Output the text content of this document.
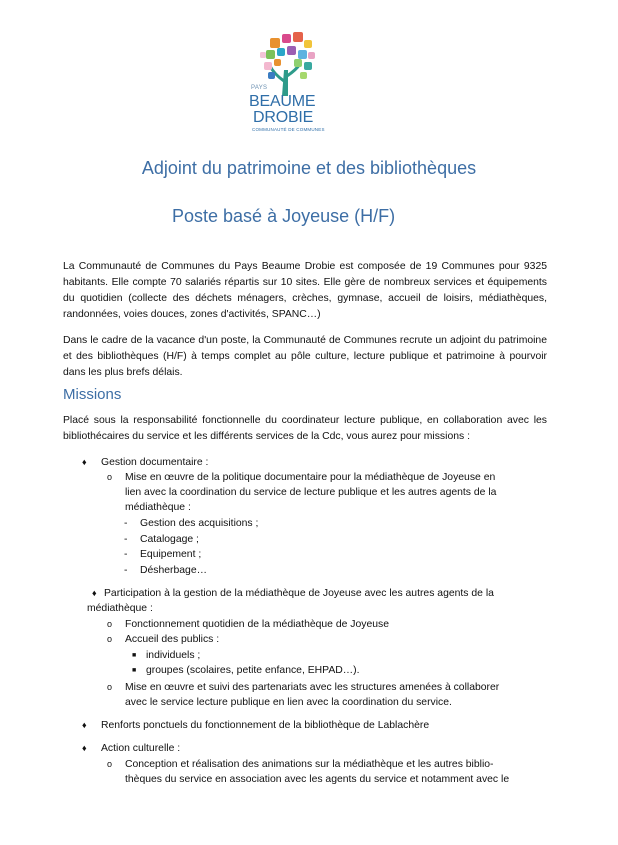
PAYS
BEAUME
DROBIE
COMMUNAUTÉ DE COMMUNES
Adjoint du patrimoine et des bibliothèques
Poste basé à Joyeuse (H/F)
La Communauté de Communes du Pays Beaume Drobie est composée de 19 Communes pour 9325 habitants. Elle compte 70 salariés répartis sur 10 sites. Elle gère de nombreux services et équipements du quotidien (collecte des déchets ménagers, crèches, gymnase, accueil de loisirs, médiathèques, randonnées, voies douces, zones d'activités, SPANC…)
Dans le cadre de la vacance d'un poste, la Communauté de Communes recrute un adjoint du patrimoine et des bibliothèques (H/F) à temps complet au pôle culture, lecture publique et patrimoine à pourvoir dans les plus brefs délais.
Missions
Placé sous la responsabilité fonctionnelle du coordinateur lecture publique, en collaboration avec les bibliothécaires du service et les différents services de la Cdc, vous aurez pour missions :
♦ Gestion documentaire :
o Mise en œuvre de la politique documentaire pour la médiathèque de Joyeuse en
lien avec la coordination du service de lecture publique et les autres agents de la
médiathèque :
- Gestion des acquisitions ;
- Catalogage ;
- Equipement ;
- Désherbage…
♦ Participation à la gestion de la médiathèque de Joyeuse avec les autres agents de la
médiathèque :
o Fonctionnement quotidien de la médiathèque de Joyeuse
o Accueil des publics :
■ individuels ;
■ groupes (scolaires, petite enfance, EHPAD…).
o Mise en œuvre et suivi des partenariats avec les structures amenées à collaborer
avec le service lecture publique en lien avec la coordination du service.
♦ Renforts ponctuels du fonctionnement de la bibliothèque de Lablachère
♦ Action culturelle :
o Conception et réalisation des animations sur la médiathèque et les autres biblio-
thèques du service en association avec les agents du service et notamment avec le
